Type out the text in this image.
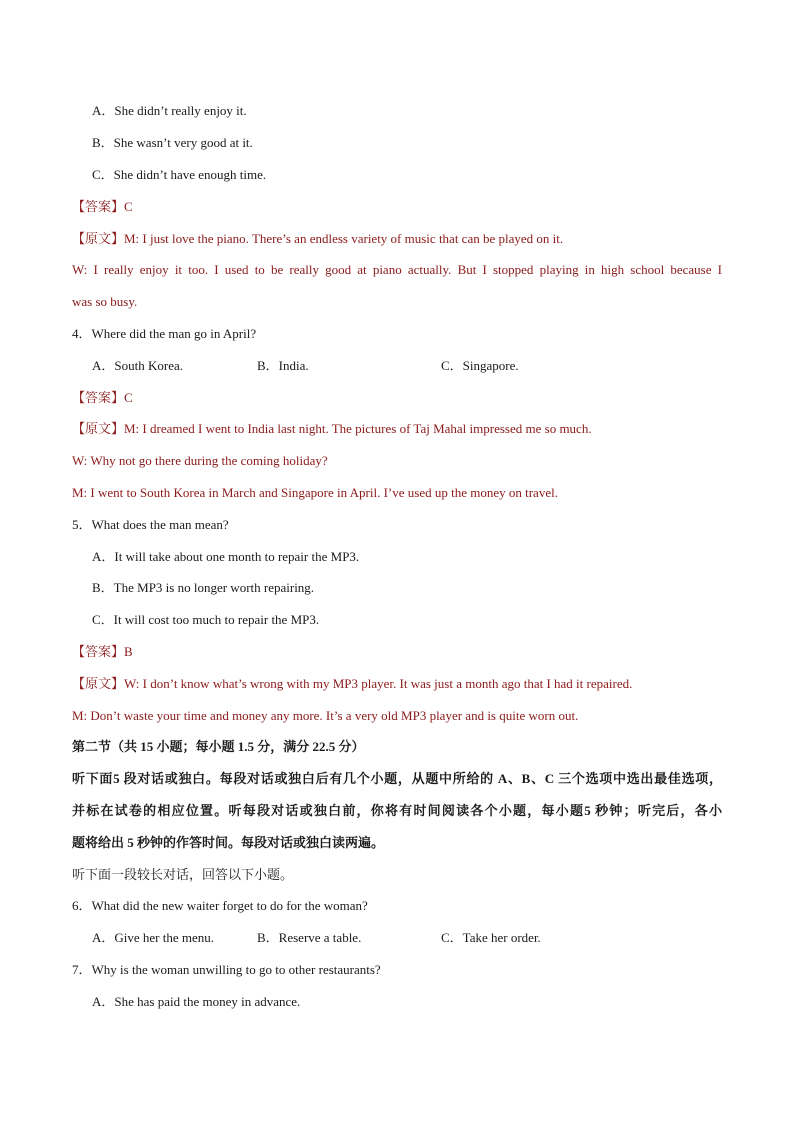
A．She didn’t really enjoy it.
B．She wasn’t very good at it.
C．She didn’t have enough time.
【答案】C
【原文】M: I just love the piano. There’s an endless variety of music that can be played on it.
W: I really enjoy it too. I used to be really good at piano actually. But I stopped playing in high school because I
was so busy.
4．Where did the man go in April?
A．South Korea.	B．India.	C．Singapore.
【答案】C
【原文】M: I dreamed I went to India last night. The pictures of Taj Mahal impressed me so much.
W: Why not go there during the coming holiday?
M: I went to South Korea in March and Singapore in April. I’ve used up the money on travel.
5．What does the man mean?
A．It will take about one month to repair the MP3.
B．The MP3 is no longer worth repairing.
C．It will cost too much to repair the MP3.
【答案】B
【原文】W: I don’t know what’s wrong with my MP3 player. It was just a month ago that I had it repaired.
M: Don’t waste your time and money any more. It’s a very old MP3 player and is quite worn out.
第二节（共 15 小题；每小题 1.5 分，满分 22.5 分）
听下面5 段对话或独白。每段对话或独白后有几个小题，从题中所给的 A、B、C 三个选项中选出最佳选项，
并标在试卷的相应位置。听每段对话或独白前，你将有时间阅读各个小题，每小题5 秒钟；听完后，各小
题将给出 5 秒钟的作答时间。每段对话或独白读两遍。
听下面一段较长对话，回答以下小题。
6．What did the new waiter forget to do for the woman?
A．Give her the menu.	B．Reserve a table.	C．Take her order.
7．Why is the woman unwilling to go to other restaurants?
A．She has paid the money in advance.
